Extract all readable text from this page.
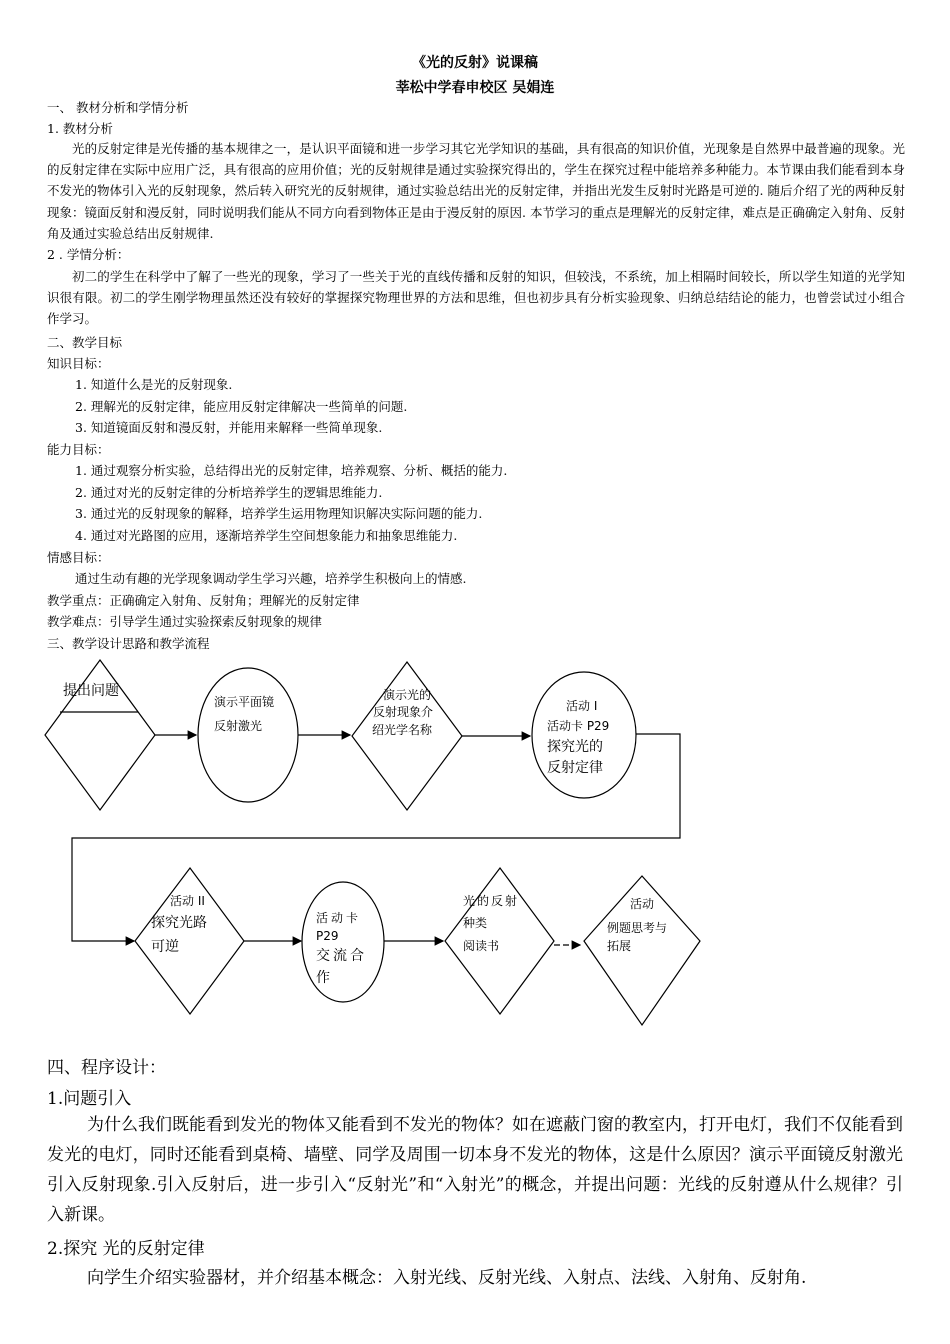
《光的反射》说课稿
莘松中学春申校区 吴娟连
一、 教材分析和学情分析
1. 教材分析
光的反射定律是光传播的基本规律之一，是认识平面镜和进一步学习其它光学知识的基础，具有很高的知识价值，光现象是自然界中最普遍的现象。光的反射定律在实际中应用广泛，具有很高的应用价值；光的反射规律是通过实验探究得出的，学生在探究过程中能培养多种能力。本节课由我们能看到本身不发光的物体引入光的反射现象，然后转入研究光的反射规律，通过实验总结出光的反射定律，并指出光发生反射时光路是可逆的. 随后介绍了光的两种反射现象：镜面反射和漫反射，同时说明我们能从不同方向看到物体正是由于漫反射的原因. 本节学习的重点是理解光的反射定律，难点是正确确定入射角、反射角及通过实验总结出反射规律.
2 . 学情分析：
初二的学生在科学中了解了一些光的现象，学习了一些关于光的直线传播和反射的知识，但较浅，不系统，加上相隔时间较长，所以学生知道的光学知识很有限。初二的学生刚学物理虽然还没有较好的掌握探究物理世界的方法和思维，但也初步具有分析实验现象、归纳总结结论的能力，也曾尝试过小组合作学习。
二、教学目标
知识目标：
1. 知道什么是光的反射现象.
2. 理解光的反射定律，能应用反射定律解决一些简单的问题.
3. 知道镜面反射和漫反射，并能用来解释一些简单现象.
能力目标：
1. 通过观察分析实验，总结得出光的反射定律，培养观察、分析、概括的能力.
2. 通过对光的反射定律的分析培养学生的逻辑思维能力.
3. 通过光的反射现象的解释，培养学生运用物理知识解决实际问题的能力.
4. 通过对光路图的应用，逐渐培养学生空间想象能力和抽象思维能力.
情感目标：
通过生动有趣的光学现象调动学生学习兴趣，培养学生积极向上的情感.
教学重点：正确确定入射角、反射角；理解光的反射定律
教学难点：引导学生通过实验探索反射现象的规律
三、教学设计思路和教学流程
提出问题
演示平面镜
反射激光
演示光的
反射现象介
绍光学名称
活动 I
活动卡 P29
探究光的
反射定律
活动 II
探究光路
可逆
活动卡
P29
交流合
作
光的反射
种类
阅读书
活动
例题思考与
拓展
四、程序设计：
1.问题引入
为什么我们既能看到发光的物体又能看到不发光的物体？如在遮蔽门窗的教室内，打开电灯，我们不仅能看到发光的电灯，同时还能看到桌椅、墙壁、同学及周围一切本身不发光的物体，这是什么原因？演示平面镜反射激光引入反射现象.引入反射后，进一步引入“反射光”和“入射光”的概念，并提出问题：光线的反射遵从什么规律？引入新课。
2.探究 光的反射定律
向学生介绍实验器材，并介绍基本概念：入射光线、反射光线、入射点、法线、入射角、反射角.
